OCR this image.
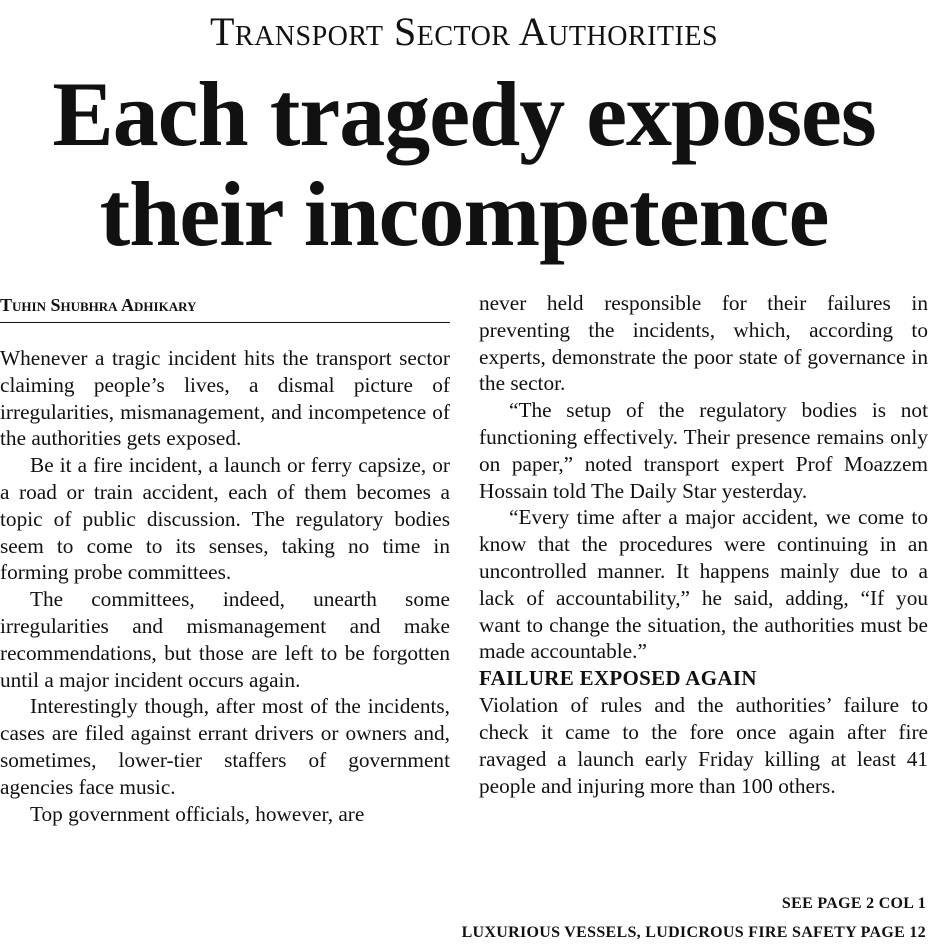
Transport Sector Authorities
Each tragedy exposes
their incompetence
Tuhin Shubhra Adhikary

Whenever a tragic incident hits the transport sector claiming people’s lives, a dismal picture of irregularities, mismanagement, and incompetence of the authorities gets exposed.

Be it a fire incident, a launch or ferry capsize, or a road or train accident, each of them becomes a topic of public discussion. The regulatory bodies seem to come to its senses, taking no time in forming probe committees.

The committees, indeed, unearth some irregularities and mismanagement and make recommendations, but those are left to be forgotten until a major incident occurs again.

Interestingly though, after most of the incidents, cases are filed against errant drivers or owners and, sometimes, lower-tier staffers of government agencies face music.

Top government officials, however, are

never held responsible for their failures in preventing the incidents, which, according to experts, demonstrate the poor state of governance in the sector.

“The setup of the regulatory bodies is not functioning effectively. Their presence remains only on paper,” noted transport expert Prof Moazzem Hossain told The Daily Star yesterday.

“Every time after a major accident, we come to know that the procedures were continuing in an uncontrolled manner. It happens mainly due to a lack of accountability,” he said, adding, “If you want to change the situation, the authorities must be made accountable.”

FAILURE EXPOSED AGAIN

Violation of rules and the authorities’ failure to check it came to the fore once again after fire ravaged a launch early Friday killing at least 41 people and injuring more than 100 others.

SEE PAGE 2 COL 1
LUXURIOUS VESSELS, LUDICROUS FIRE SAFETY PAGE 12
